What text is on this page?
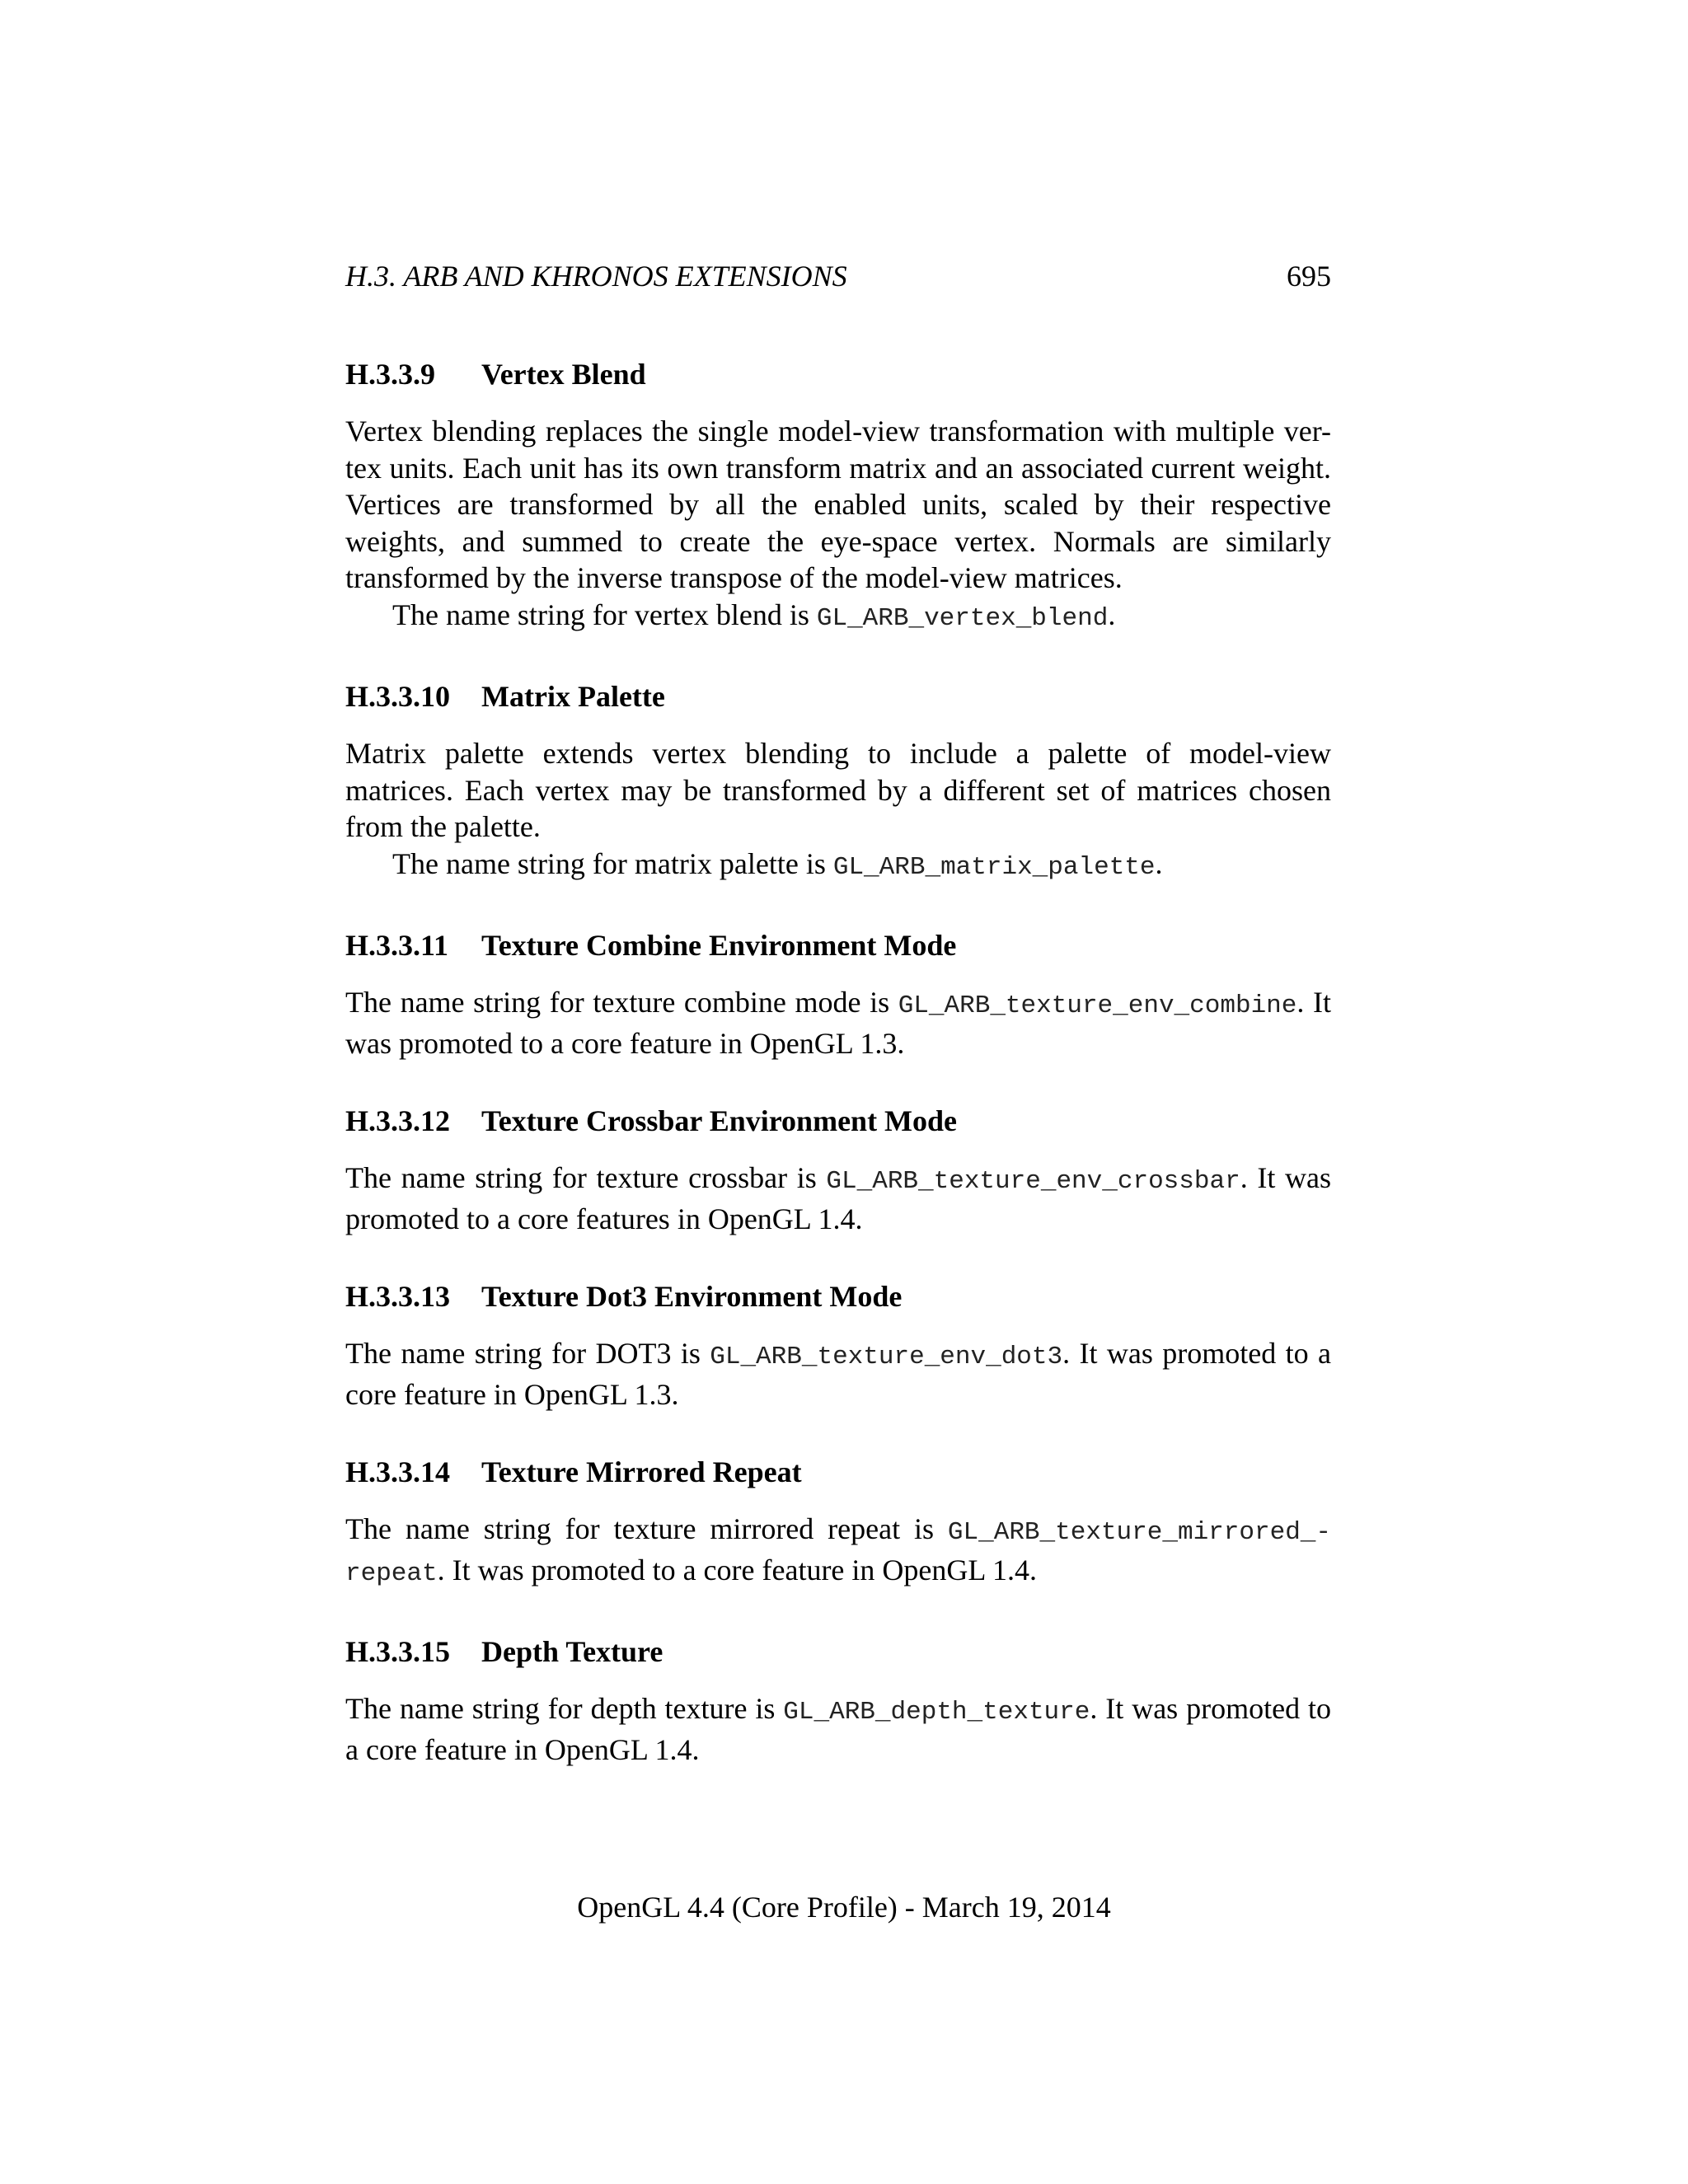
H.3. ARB AND KHRONOS EXTENSIONS	695
H.3.3.9 Vertex Blend

Vertex blending replaces the single model-view transformation with multiple ver-tex units. Each unit has its own transform matrix and an associated current weight. Vertices are transformed by all the enabled units, scaled by their respective weights, and summed to create the eye-space vertex. Normals are similarly transformed by the inverse transpose of the model-view matrices.

The name string for vertex blend is GL_ARB_vertex_blend.

H.3.3.10 Matrix Palette

Matrix palette extends vertex blending to include a palette of model-view matrices. Each vertex may be transformed by a different set of matrices chosen from the palette.

The name string for matrix palette is GL_ARB_matrix_palette.

H.3.3.11 Texture Combine Environment Mode

The name string for texture combine mode is GL_ARB_texture_env_combine. It was promoted to a core feature in OpenGL 1.3.

H.3.3.12 Texture Crossbar Environment Mode

The name string for texture crossbar is GL_ARB_texture_env_crossbar. It was promoted to a core features in OpenGL 1.4.

H.3.3.13 Texture Dot3 Environment Mode

The name string for DOT3 is GL_ARB_texture_env_dot3. It was promoted to a core feature in OpenGL 1.3.

H.3.3.14 Texture Mirrored Repeat

The name string for texture mirrored repeat is GL_ARB_texture_mirrored_-repeat. It was promoted to a core feature in OpenGL 1.4.

H.3.3.15 Depth Texture

The name string for depth texture is GL_ARB_depth_texture. It was promoted to a core feature in OpenGL 1.4.

OpenGL 4.4 (Core Profile) - March 19, 2014
